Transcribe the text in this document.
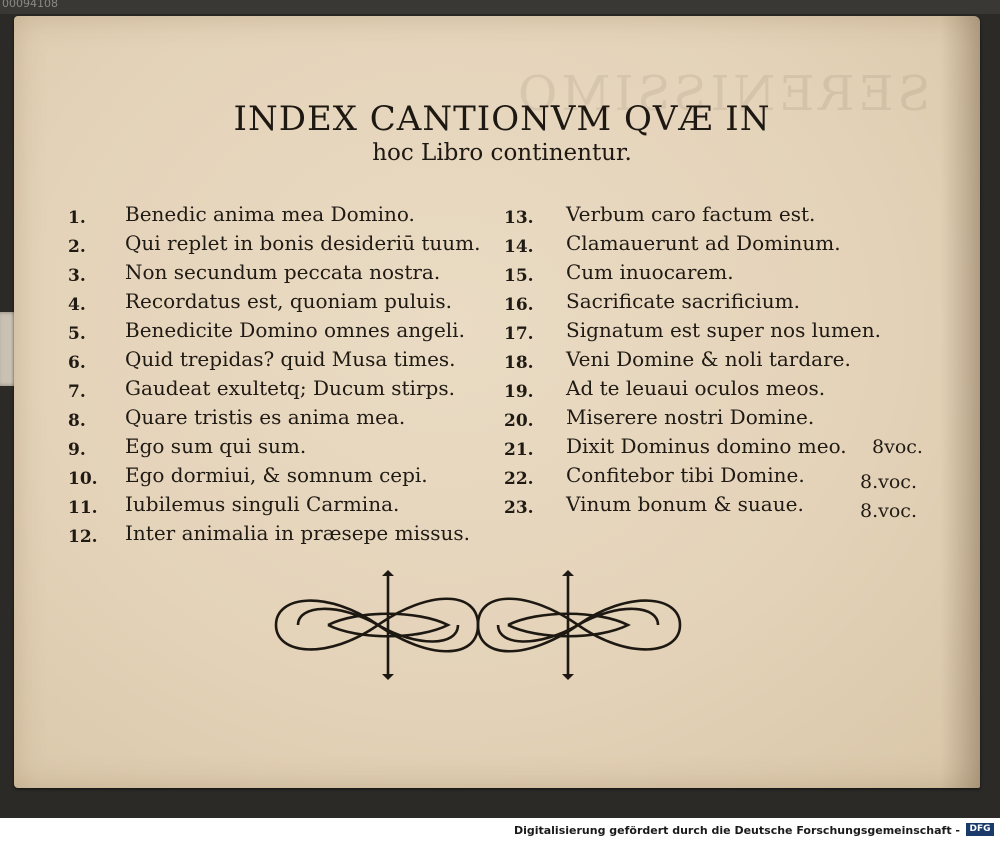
00094108
SERENISSIMO
INDEX CANTIONVM QVÆ IN
hoc Libro continentur.
1. Benedic anima mea Domino.
2. Qui replet in bonis desideriū tuum.
3. Non secundum peccata nostra.
4. Recordatus est, quoniam puluis.
5. Benedicite Domino omnes angeli.
6. Quid trepidas? quid Musa times.
7. Gaudeat exultetq; Ducum stirps.
8. Quare tristis es anima mea.
9. Ego sum qui sum.
10. Ego dormiui, & somnum cepi.
11. Iubilemus singuli Carmina.
12. Inter animalia in præsepe missus.
13. Verbum caro factum est.
14. Clamauerunt ad Dominum.
15. Cum inuocarem.
16. Sacrificate sacrificium.
17. Signatum est super nos lumen.
18. Veni Domine & noli tardare.
19. Ad te leuaui oculos meos.
20. Miserere nostri Domine.
21. Dixit Dominus domino meo. 8voc.
22. Confitebor tibi Domine.	8.voc.
23. Vinum bonum & suaue.	8.voc.
Digitalisierung gefördert durch die Deutsche Forschungsgemeinschaft -	DFG
